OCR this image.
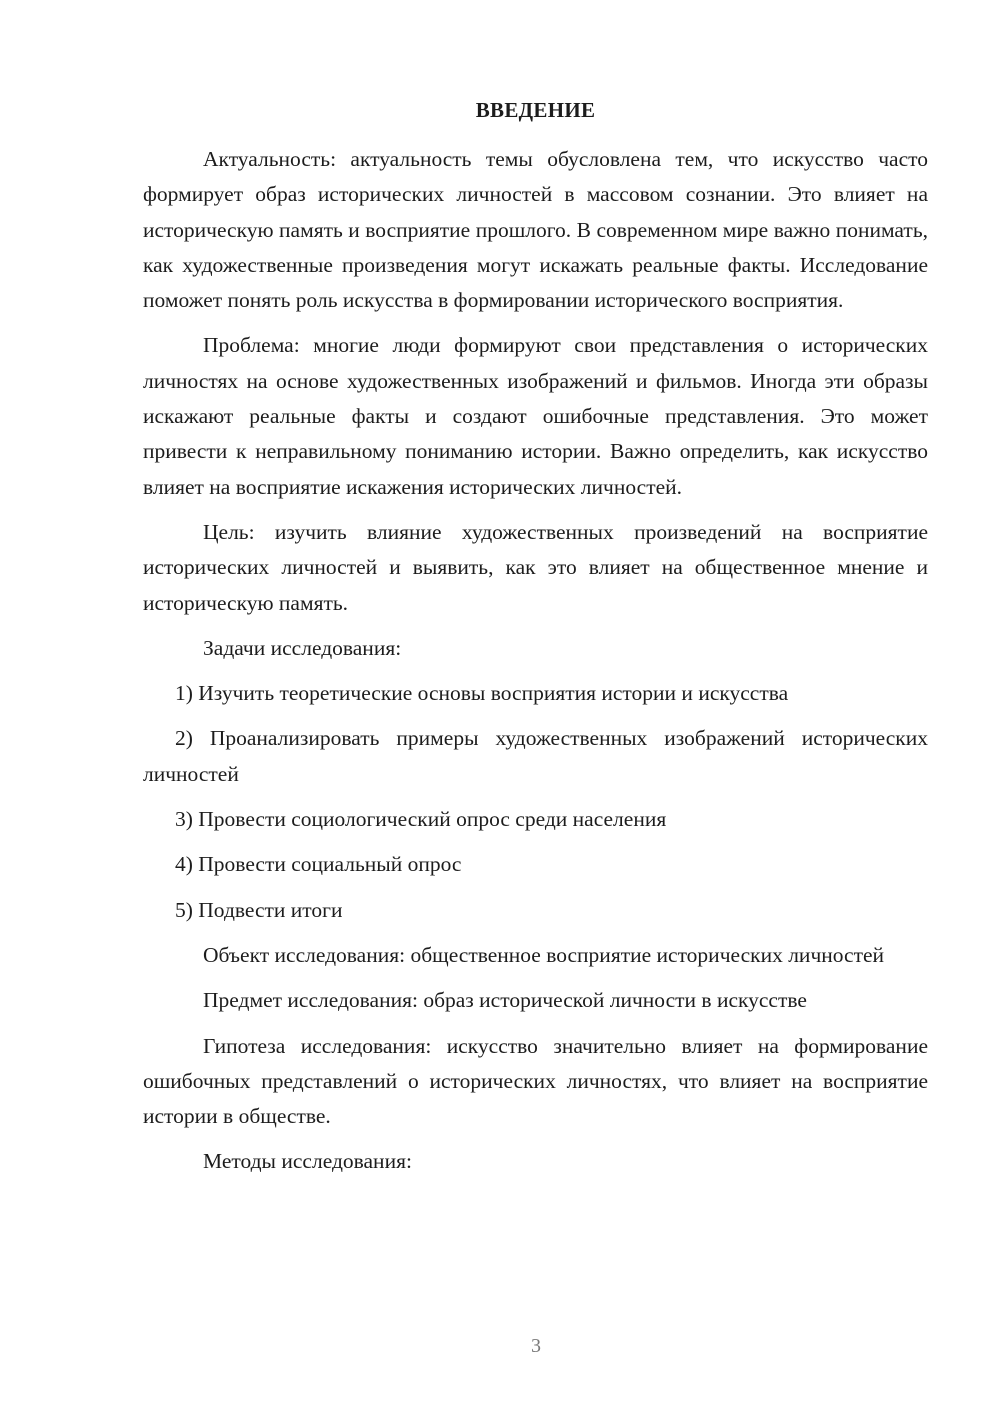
ВВЕДЕНИЕ

Актуальность: актуальность темы обусловлена тем, что искусство часто формирует образ исторических личностей в массовом сознании. Это влияет на историческую память и восприятие прошлого. В современном мире важно понимать, как художественные произведения могут искажать реальные факты. Исследование поможет понять роль искусства в формировании исторического восприятия.

Проблема: многие люди формируют свои представления о исторических личностях на основе художественных изображений и фильмов. Иногда эти образы искажают реальные факты и создают ошибочные представления. Это может привести к неправильному пониманию истории. Важно определить, как искусство влияет на восприятие искажения исторических личностей.

Цель: изучить влияние художественных произведений на восприятие исторических личностей и выявить, как это влияет на общественное мнение и историческую память.

Задачи исследования:

1) Изучить теоретические основы восприятия истории и искусства

2) Проанализировать примеры художественных изображений исторических личностей

3) Провести социологический опрос среди населения

4) Провести социальный опрос

5) Подвести итоги

Объект исследования: общественное восприятие исторических личностей

Предмет исследования: образ исторической личности в искусстве

Гипотеза исследования: искусство значительно влияет на формирование ошибочных представлений о исторических личностях, что влияет на восприятие истории в обществе.

Методы исследования:

3
